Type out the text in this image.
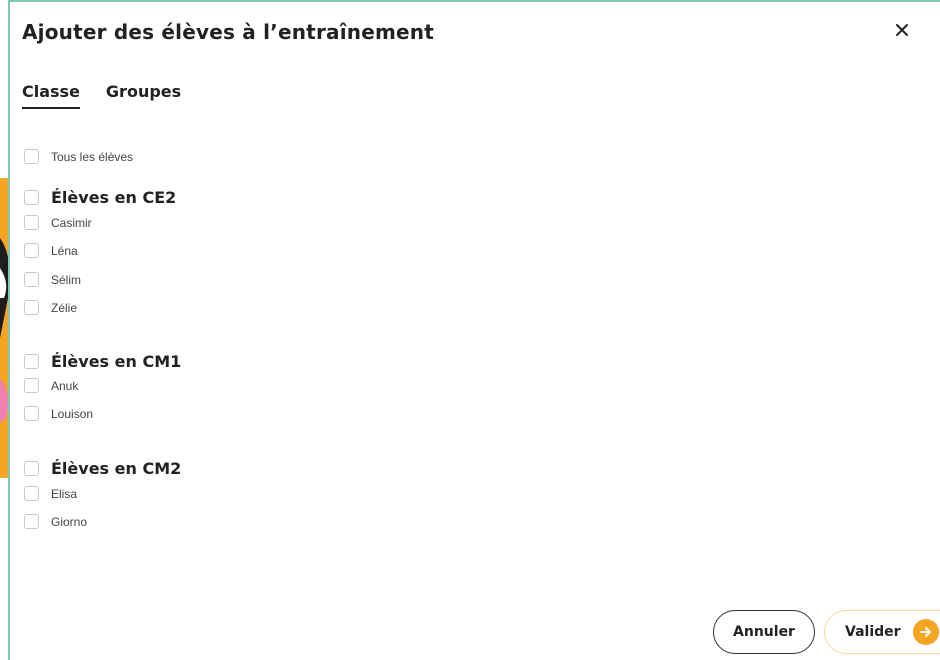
Ajouter des élèves à l’entraînement
Classe Groupes
Tous les élèves
Élèves en CE2
Casimir
Léna
Sélim
Zélie
Élèves en CM1
Anuk
Louison
Élèves en CM2
Elisa
Giorno
Annuler	Valider
